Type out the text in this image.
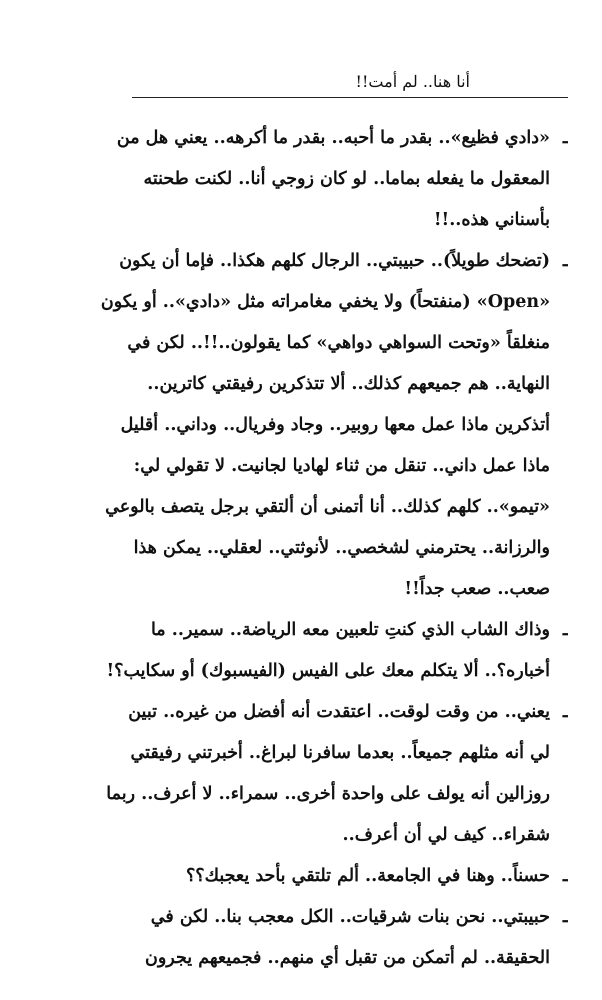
أنا هنا.. لم أمت!!
ـ«دادي فظيع».. بقدر ما أحبه.. بقدر ما أكرهه.. يعني هل من
المعقول ما يفعله بماما.. لو كان زوجي أنا.. لكنت طحنته
بأسناني هذه..!!
ـ(تضحك طويلاً).. حبيبتي.. الرجال كلهم هكذا.. فإما أن يكون
«Open» (منفتحاً) ولا يخفي مغامراته مثل «دادي».. أو يكون
منغلقاً «وتحت السواهي دواهي» كما يقولون..!!.. لكن في
النهاية.. هم جميعهم كذلك.. ألا تتذكرين رفيقتي كاترين..
أتذكرين ماذا عمل معها روبير.. وجاد وفريال.. وداني.. أقليل
ماذا عمل داني.. تنقل من ثناء لهاديا لجانيت. لا تقولي لي:
«تيمو».. كلهم كذلك.. أنا أتمنى أن ألتقي برجل يتصف بالوعي
والرزانة.. يحترمني لشخصي.. لأنوثتي.. لعقلي.. يمكن هذا
صعب.. صعب جداً!!
ـوذاك الشاب الذي كنتِ تلعبين معه الرياضة.. سمير.. ما
أخباره؟.. ألا يتكلم معك على الفيس (الفيسبوك) أو سكايب؟!
ـيعني.. من وقت لوقت.. اعتقدت أنه أفضل من غيره.. تبين
لي أنه مثلهم جميعاً.. بعدما سافرنا لبراغ.. أخبرتني رفيقتي
روزالين أنه يولف على واحدة أخرى.. سمراء.. لا أعرف.. ربما
شقراء.. كيف لي أن أعرف..
ـحسناً.. وهنا في الجامعة.. ألم تلتقي بأحد يعجبك؟؟
ـحبيبتي.. نحن بنات شرقيات.. الكل معجب بنا.. لكن في
الحقيقة.. لم أتمكن من تقبل أي منهم.. فجميعهم يجرون
